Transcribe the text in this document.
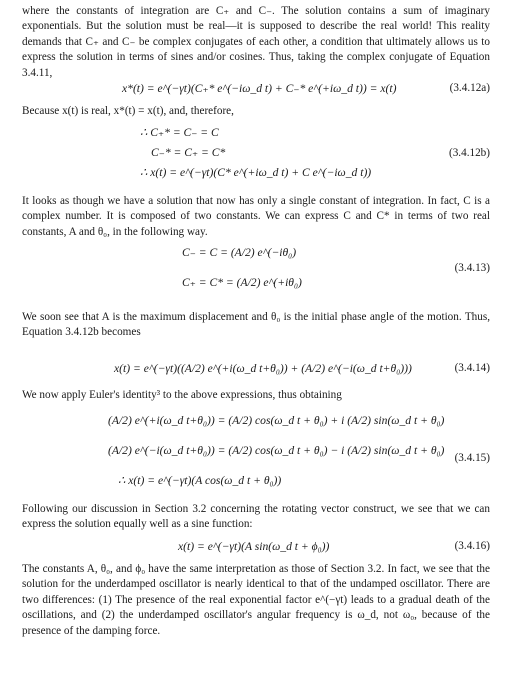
where the constants of integration are C₊ and C₋. The solution contains a sum of imaginary exponentials. But the solution must be real—it is supposed to describe the real world! This reality demands that C₊ and C₋ be complex conjugates of each other, a condition that ultimately allows us to express the solution in terms of sines and/or cosines. Thus, taking the complex conjugate of Equation 3.4.11,

x*(t) = e^(−γt)(C₊* e^(−iω_d t) + C₋* e^(+iω_d t)) = x(t)	(3.4.12a)

Because x(t) is real, x*(t) = x(t), and, therefore,

∴ C₊* = C₋ = C
C₋* = C₊ = C*
∴ x(t) = e^(−γt)(C* e^(+iω_d t) + C e^(−iω_d t))
(3.4.12b)

It looks as though we have a solution that now has only a single constant of integration. In fact, C is a complex number. It is composed of two constants. We can express C and C* in terms of two real constants, A and θ₀, in the following way.

C₋ = C = (A/2) e^(−iθ₀)
C₊ = C* = (A/2) e^(+iθ₀)
(3.4.13)

We soon see that A is the maximum displacement and θ₀ is the initial phase angle of the motion. Thus, Equation 3.4.12b becomes

x(t) = e^(−γt)((A/2) e^(+i(ω_d t+θ₀)) + (A/2) e^(−i(ω_d t+θ₀)))	(3.4.14)

We now apply Euler's identity³ to the above expressions, thus obtaining

(A/2) e^(+i(ω_d t+θ₀)) = (A/2) cos(ω_d t + θ₀) + i (A/2) sin(ω_d t + θ₀)
(A/2) e^(−i(ω_d t+θ₀)) = (A/2) cos(ω_d t + θ₀) − i (A/2) sin(ω_d t + θ₀)
∴ x(t) = e^(−γt)(A cos(ω_d t + θ₀))
(3.4.15)

Following our discussion in Section 3.2 concerning the rotating vector construct, we see that we can express the solution equally well as a sine function:

x(t) = e^(−γt)(A sin(ω_d t + ϕ₀))	(3.4.16)

The constants A, θ₀, and ϕ₀ have the same interpretation as those of Section 3.2. In fact, we see that the solution for the underdamped oscillator is nearly identical to that of the undamped oscillator. There are two differences: (1) The presence of the real exponential factor e^(−γt) leads to a gradual death of the oscillations, and (2) the underdamped oscillator's angular frequency is ω_d, not ω₀, because of the presence of the damping force.
